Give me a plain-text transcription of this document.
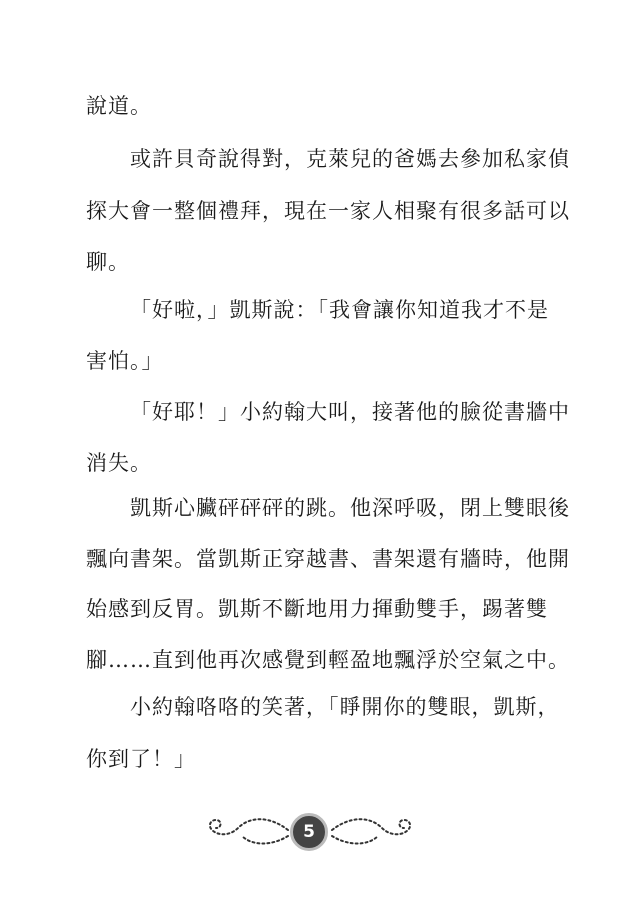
說道。
或許貝奇說得對，克萊兒的爸媽去參加私家偵
探大會一整個禮拜，現在一家人相聚有很多話可以
聊。
「好啦，」凱斯說：「我會讓你知道我才不是
害怕。」
「好耶！」小約翰大叫，接著他的臉從書牆中
消失。
凱斯心臟砰砰砰的跳。他深呼吸，閉上雙眼後
飄向書架。當凱斯正穿越書、書架還有牆時，他開
始感到反胃。凱斯不斷地用力揮動雙手，踢著雙
腳……直到他再次感覺到輕盈地飄浮於空氣之中。
小約翰咯咯的笑著，「睜開你的雙眼，凱斯，
你到了！」
5
